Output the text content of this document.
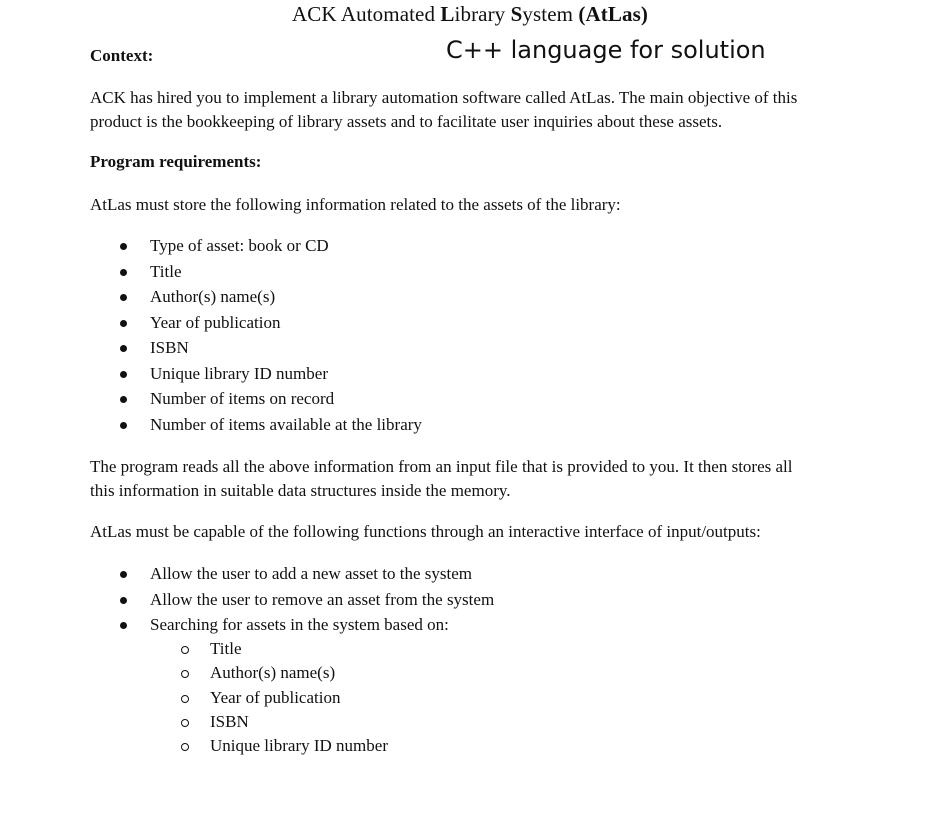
ACK Automated Library System (AtLas)
Context:	C++ language for solution
ACK has hired you to implement a library automation software called AtLas. The main objective of this
product is the bookkeeping of library assets and to facilitate user inquiries about these assets.
Program requirements:
AtLas must store the following information related to the assets of the library:
Type of asset: book or CD
Title
Author(s) name(s)
Year of publication
ISBN
Unique library ID number
Number of items on record
Number of items available at the library
The program reads all the above information from an input file that is provided to you. It then stores all
this information in suitable data structures inside the memory.
AtLas must be capable of the following functions through an interactive interface of input/outputs:
Allow the user to add a new asset to the system
Allow the user to remove an asset from the system
Searching for assets in the system based on:
Title
Author(s) name(s)
Year of publication
ISBN
Unique library ID number
